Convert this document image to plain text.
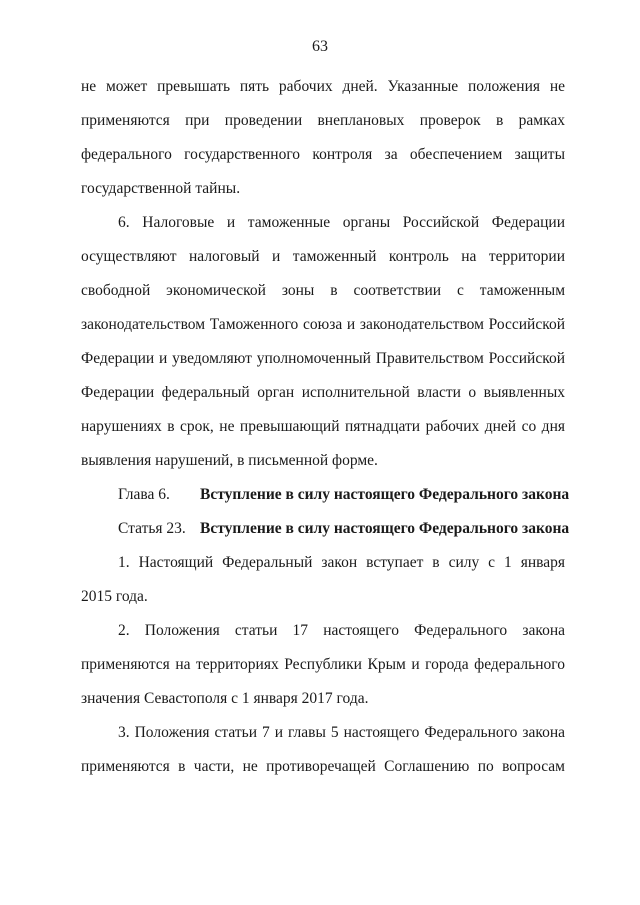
63
не может превышать пять рабочих дней. Указанные положения не
применяются при проведении внеплановых проверок в рамках
федерального государственного контроля за обеспечением защиты
государственной тайны.
6. Налоговые и таможенные органы Российской Федерации
осуществляют налоговый и таможенный контроль на территории
свободной экономической зоны в соответствии с таможенным
законодательством Таможенного союза и законодательством Российской
Федерации и уведомляют уполномоченный Правительством Российской
Федерации федеральный орган исполнительной власти о выявленных
нарушениях в срок, не превышающий пятнадцати рабочих дней со дня
выявления нарушений, в письменной форме.
Глава 6. Вступление в силу настоящего Федерального закона
Статья 23. Вступление в силу настоящего Федерального закона
1. Настоящий Федеральный закон вступает в силу с 1 января
2015 года.
2. Положения статьи 17 настоящего Федерального закона
применяются на территориях Республики Крым и города федерального
значения Севастополя с 1 января 2017 года.
3. Положения статьи 7 и главы 5 настоящего Федерального закона
применяются в части, не противоречащей Соглашению по вопросам
